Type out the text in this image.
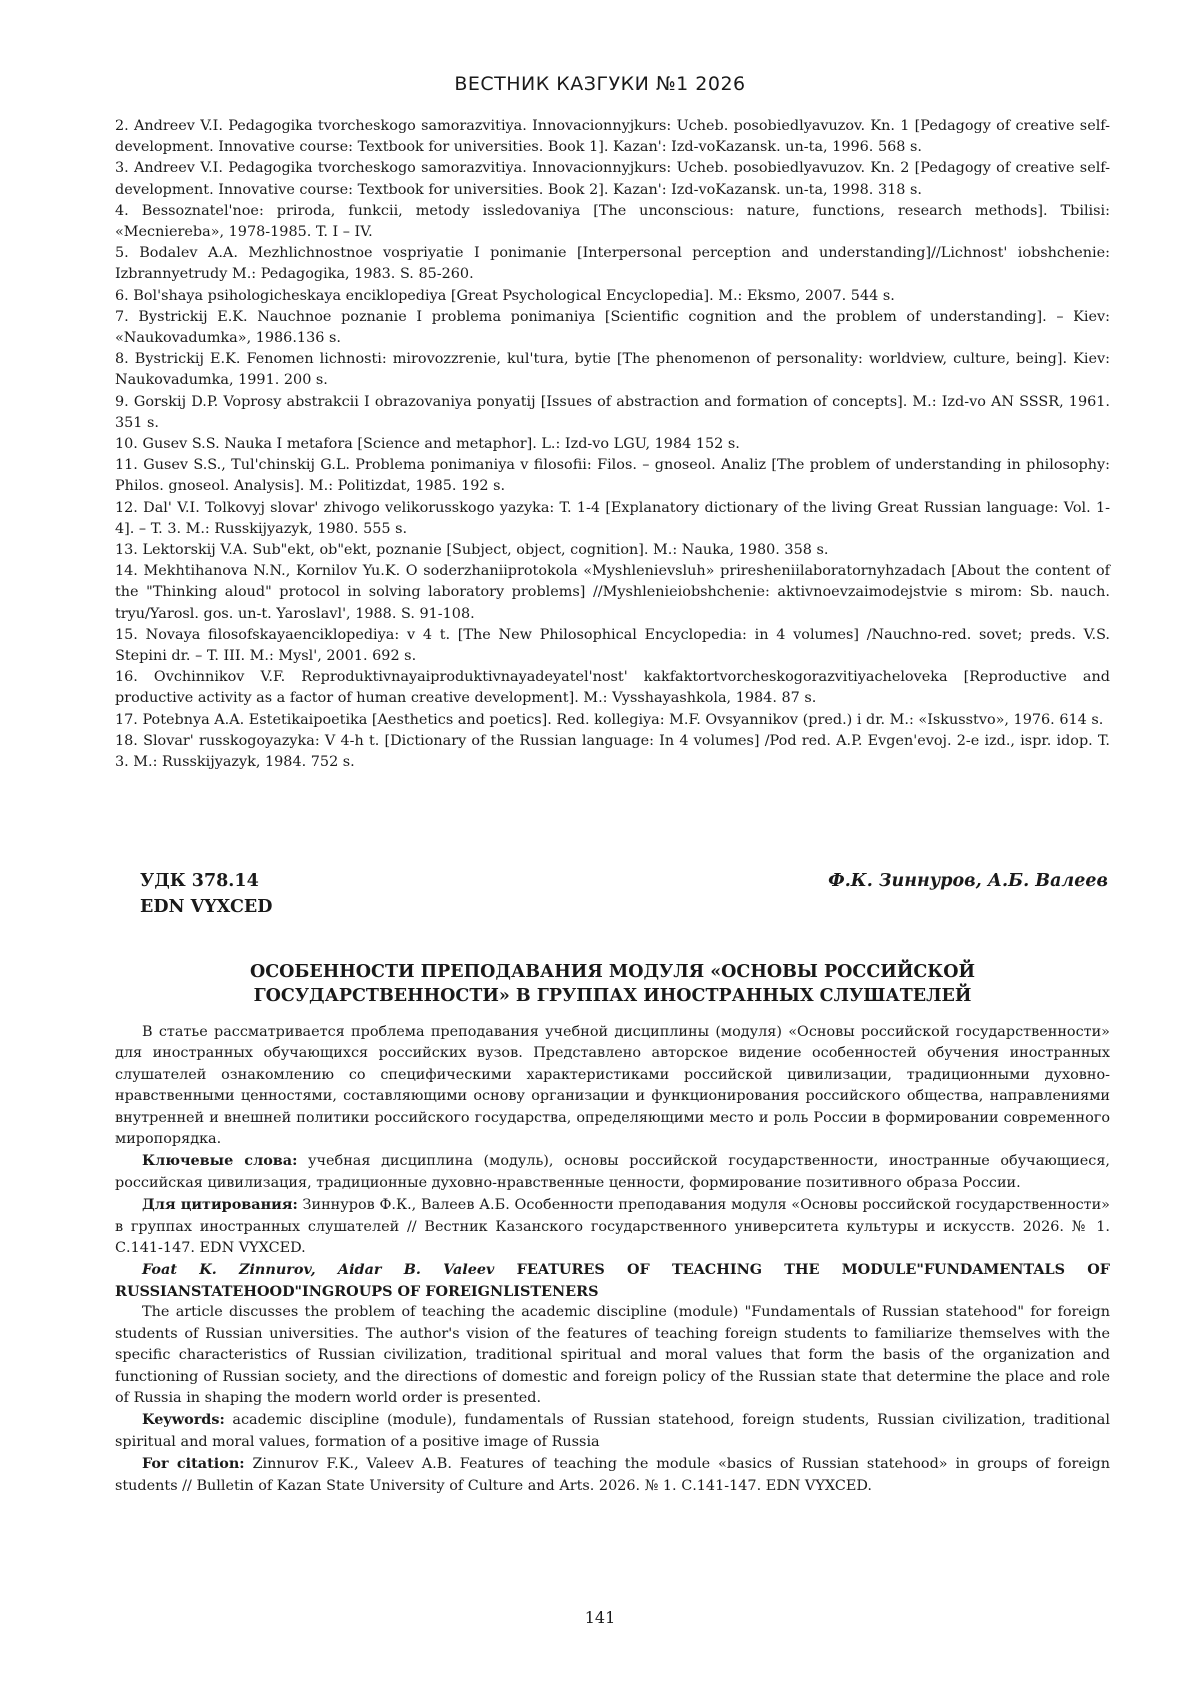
ВЕСТНИК КАЗГУКИ №1 2026

2. Andreev V.I. Pedagogika tvorcheskogo samorazvitiya. Innovacionnyjkurs: Ucheb. posobiedlyavuzov. Kn. 1 [Pedagogy of creative self-development. Innovative course: Textbook for universities. Book 1]. Kazan': Izd-voKazansk. un-ta, 1996. 568 s.

3. Andreev V.I. Pedagogika tvorcheskogo samorazvitiya. Innovacionnyjkurs: Ucheb. posobiedlyavuzov. Kn. 2 [Pedagogy of creative self-development. Innovative course: Textbook for universities. Book 2]. Kazan': Izd-voKazansk. un-ta, 1998. 318 s.

4. Bessoznatel'noe: priroda, funkcii, metody issledovaniya [The unconscious: nature, functions, research methods]. Tbilisi: «Mecniereba», 1978-1985. T. I – IV.

5. Bodalev A.A. Mezhlichnostnoe vospriyatie I ponimanie [Interpersonal perception and understanding]//Lichnost' iobshchenie: Izbrannyetrudy M.: Pedagogika, 1983. S. 85-260.

6. Bol'shaya psihologicheskaya enciklopediya [Great Psychological Encyclopedia]. M.: Eksmo, 2007. 544 s.

7. Bystrickij E.K. Nauchnoe poznanie I problema ponimaniya [Scientific cognition and the problem of understanding]. – Kiev: «Naukovadumka», 1986.136 s.

8. Bystrickij E.K. Fenomen lichnosti: mirovozzrenie, kul'tura, bytie [The phenomenon of personality: worldview, culture, being]. Kiev: Naukovadumka, 1991. 200 s.

9. Gorskij D.P. Voprosy abstrakcii I obrazovaniya ponyatij [Issues of abstraction and formation of concepts]. M.: Izd-vo AN SSSR, 1961. 351 s.

10. Gusev S.S. Nauka I metafora [Science and metaphor]. L.: Izd-vo LGU, 1984 152 s.

11. Gusev S.S., Tul'chinskij G.L. Problema ponimaniya v filosofii: Filos. – gnoseol. Analiz [The problem of understanding in philosophy: Philos. gnoseol. Analysis]. M.: Politizdat, 1985. 192 s.

12. Dal' V.I. Tolkovyj slovar' zhivogo velikorusskogo yazyka: T. 1-4 [Explanatory dictionary of the living Great Russian language: Vol. 1-4]. – T. 3. M.: Russkijyazyk, 1980. 555 s.

13. Lektorskij V.A. Sub"ekt, ob"ekt, poznanie [Subject, object, cognition]. M.: Nauka, 1980. 358 s.

14. Mekhtihanova N.N., Kornilov Yu.K. O soderzhaniiprotokola «Myshlenievsluh» priresheniilaboratornyhzadach [About the content of the "Thinking aloud" protocol in solving laboratory problems] //Myshlenieiobshchenie: aktivnoevzaimodejstvie s mirom: Sb. nauch. tryu/Yarosl. gos. un-t. Yaroslavl', 1988. S. 91-108.

15. Novaya filosofskayaenciklopediya: v 4 t. [The New Philosophical Encyclopedia: in 4 volumes] /Nauchno-red. sovet; preds. V.S. Stepini dr. – T. III. M.: Mysl', 2001. 692 s.

16. Ovchinnikov V.F. Reproduktivnayaiproduktivnayadeyatel'nost' kakfaktortvorcheskogorazvitiyacheloveka [Reproductive and productive activity as a factor of human creative development]. M.: Vysshayashkola, 1984. 87 s.

17. Potebnya A.A. Estetikaipoetika [Aesthetics and poetics]. Red. kollegiya: M.F. Ovsyannikov (pred.) i dr. M.: «Iskusstvo», 1976. 614 s.

18. Slovar' russkogoyazyka: V 4-h t. [Dictionary of the Russian language: In 4 volumes] /Pod red. A.P. Evgen'evoj. 2-e izd., ispr. idop. T. 3. M.: Russkijyazyk, 1984. 752 s.

УДК 378.14
EDN VYXCED
Ф.К. Зиннуров, А.Б. Валеев
ОСОБЕННОСТИ ПРЕПОДАВАНИЯ МОДУЛЯ «ОСНОВЫ РОССИЙСКОЙ
ГОСУДАРСТВЕННОСТИ» В ГРУППАХ ИНОСТРАННЫХ СЛУШАТЕЛЕЙ

В статье рассматривается проблема преподавания учебной дисциплины (модуля) «Основы российской государственности» для иностранных обучающихся российских вузов. Представлено авторское видение особенностей обучения иностранных слушателей ознакомлению со специфическими характеристиками российской цивилизации, традиционными духовно-нравственными ценностями, составляющими основу организации и функционирования российского общества, направлениями внутренней и внешней политики российского государства, определяющими место и роль России в формировании современного миропорядка.

Ключевые слова: учебная дисциплина (модуль), основы российской государственности, иностранные обучающиеся, российская цивилизация, традиционные духовно-нравственные ценности, формирование позитивного образа России.

Для цитирования: Зиннуров Ф.К., Валеев А.Б. Особенности преподавания модуля «Основы российской государственности» в группах иностранных слушателей // Вестник Казанского государственного университета культуры и искусств. 2026. № 1. С.141-147. EDN VYXCED.

Foat K. Zinnurov, Aidar B. Valeev FEATURES OF TEACHING THE MODULE"FUNDAMENTALS OF RUSSIANSTATEHOOD"INGROUPS OF FOREIGNLISTENERS

The article discusses the problem of teaching the academic discipline (module) "Fundamentals of Russian statehood" for foreign students of Russian universities. The author's vision of the features of teaching foreign students to familiarize themselves with the specific characteristics of Russian civilization, traditional spiritual and moral values that form the basis of the organization and functioning of Russian society, and the directions of domestic and foreign policy of the Russian state that determine the place and role of Russia in shaping the modern world order is presented.

Keywords: academic discipline (module), fundamentals of Russian statehood, foreign students, Russian civilization, traditional spiritual and moral values, formation of a positive image of Russia

For citation: Zinnurov F.K., Valeev A.B. Features of teaching the module «basics of Russian statehood» in groups of foreign students // Bulletin of Kazan State University of Culture and Arts. 2026. № 1. С.141-147. EDN VYXCED.

141
